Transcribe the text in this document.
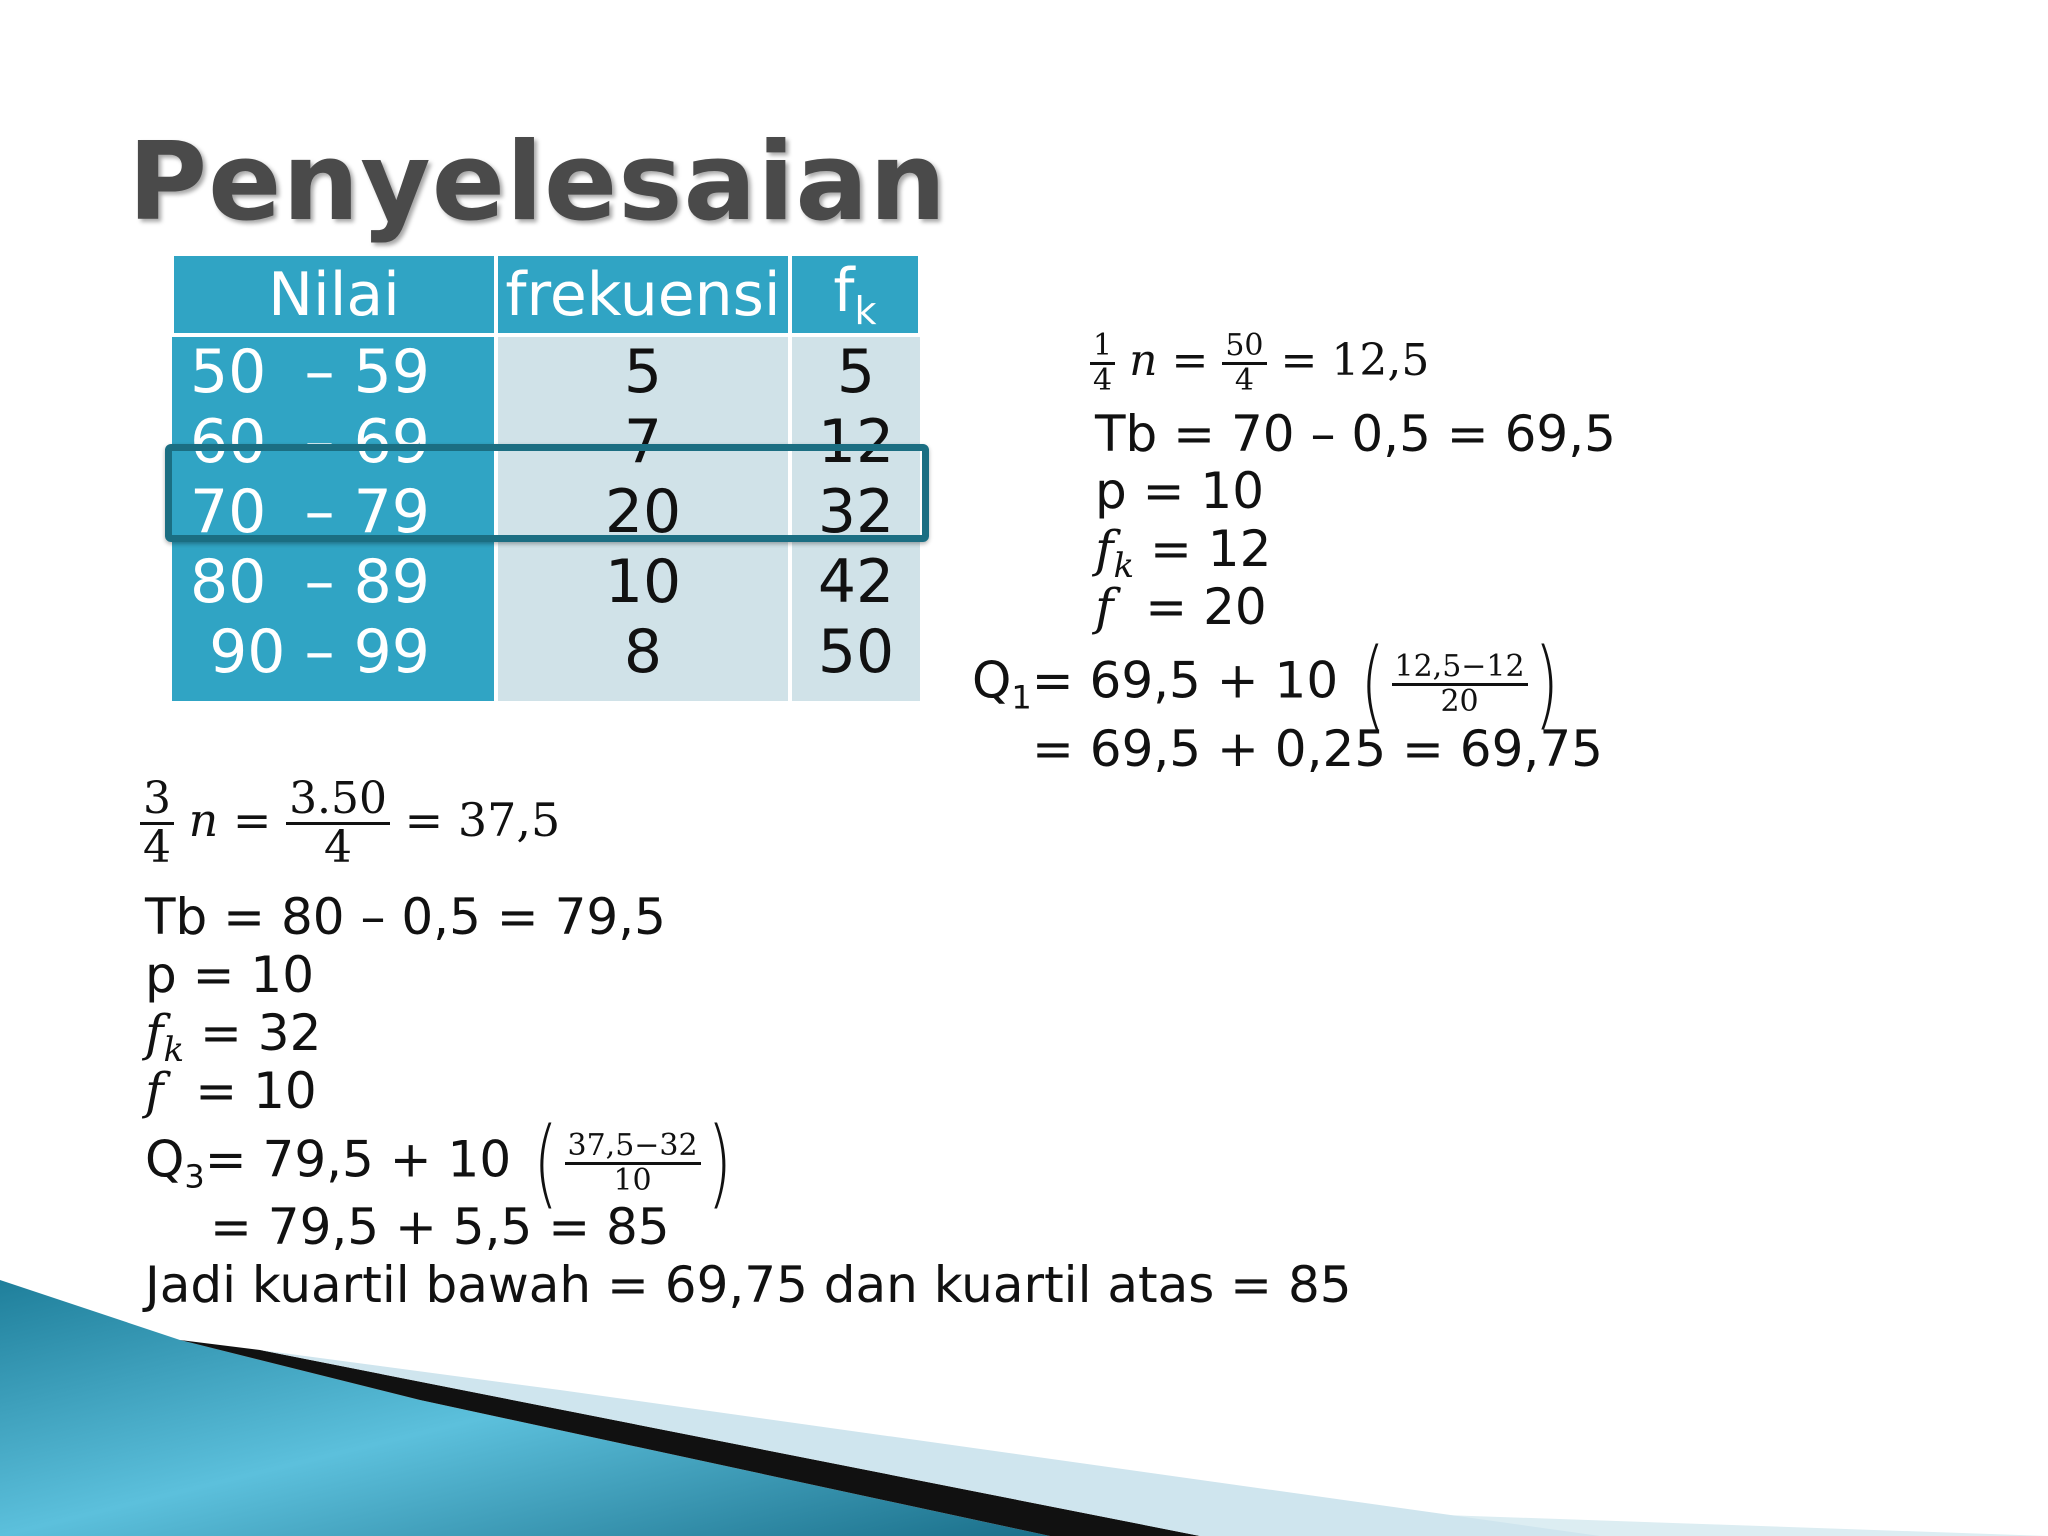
Penyelesaian
Nilai	frekuensi	$f_k$
50  – 59	5	5
60  – 69	7	12
70  – 79	20	32
80  – 89	10	42
90 – 99	8	50
$\frac{1}{4}$ $n = \frac{50}{4} = 12,5$
Tb = 70 – 0,5 = 69,5
p = 10
$f_k = 12$
f  = 20
$Q_1= 69,5 + 10$ ( $\frac{12,5-12}{20}$ )
= 69,5 + 0,25 = 69,75
$\frac{3}{4}$ $n = \frac{3.50}{4} = 37,5$
Tb = 80 – 0,5 = 79,5
p = 10
$f_k = 32$
f  = 10
$Q_3= 79,5 + 10$ ( $\frac{37,5-32}{10}$ )
= 79,5 + 5,5 = 85
Jadi kuartil bawah = 69,75 dan kuartil atas = 85
